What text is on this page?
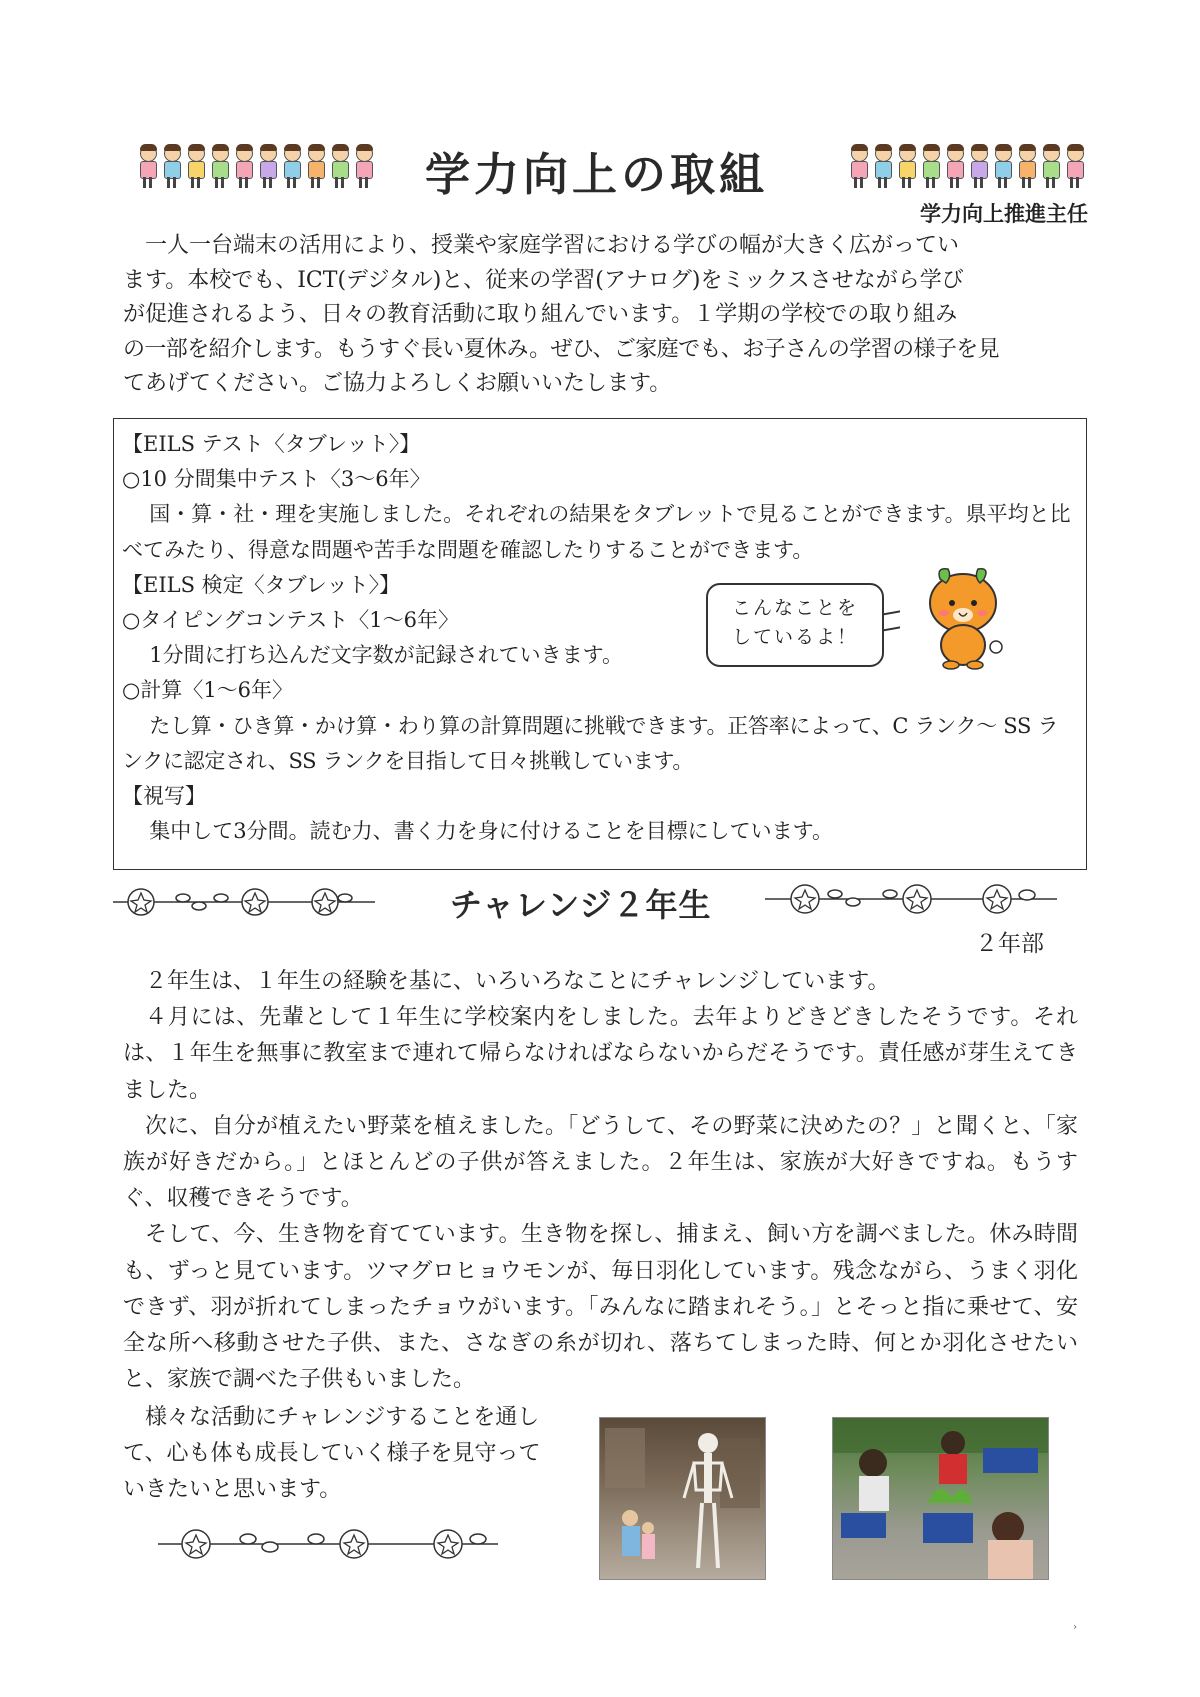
学力向上の取組
学力向上推進主任
一人一台端末の活用により、授業や家庭学習における学びの幅が大きく広がってい
ます。本校でも、ICT(デジタル)と、従来の学習(アナログ)をミックスさせながら学び
が促進されるよう、日々の教育活動に取り組んでいます。１学期の学校での取り組み
の一部を紹介します。もうすぐ長い夏休み。ぜひ、ご家庭でも、お子さんの学習の様子を見
てあげてください。ご協力よろしくお願いいたします。
【EILS テスト〈タブレット〉】
○10 分間集中テスト〈3～6年〉
国・算・社・理を実施しました。それぞれの結果をタブレットで見ることができます。県平均と比べてみたり、得意な問題や苦手な問題を確認したりすることができます。
【EILS 検定〈タブレット〉】
○タイピングコンテスト〈1～6年〉
1分間に打ち込んだ文字数が記録されていきます。
○計算〈1～6年〉
たし算・ひき算・かけ算・わり算の計算問題に挑戦できます。正答率によって、C ランク～ SS ランクに認定され、SS ランクを目指して日々挑戦しています。
【視写】
集中して3分間。読む力、書く力を身に付けることを目標にしています。
こんなことを
しているよ！
チャレンジ２年生
２年部

２年生は、１年生の経験を基に、いろいろなことにチャレンジしています。

４月には、先輩として１年生に学校案内をしました。去年よりどきどきしたそうです。それは、１年生を無事に教室まで連れて帰らなければならないからだそうです。責任感が芽生えてきました。

次に、自分が植えたい野菜を植えました。「どうして、その野菜に決めたの？」と聞くと、「家族が好きだから。」とほとんどの子供が答えました。２年生は、家族が大好きですね。もうすぐ、収穫できそうです。

そして、今、生き物を育てています。生き物を探し、捕まえ、飼い方を調べました。休み時間も、ずっと見ています。ツマグロヒョウモンが、毎日羽化しています。残念ながら、うまく羽化できず、羽が折れてしまったチョウがいます。「みんなに踏まれそう。」とそっと指に乗せて、安全な所へ移動させた子供、また、さなぎの糸が切れ、落ちてしまった時、何とか羽化させたいと、家族で調べた子供もいました。

様々な活動にチャレンジすることを通して、心も体も成長していく様子を見守っていきたいと思います。

›
